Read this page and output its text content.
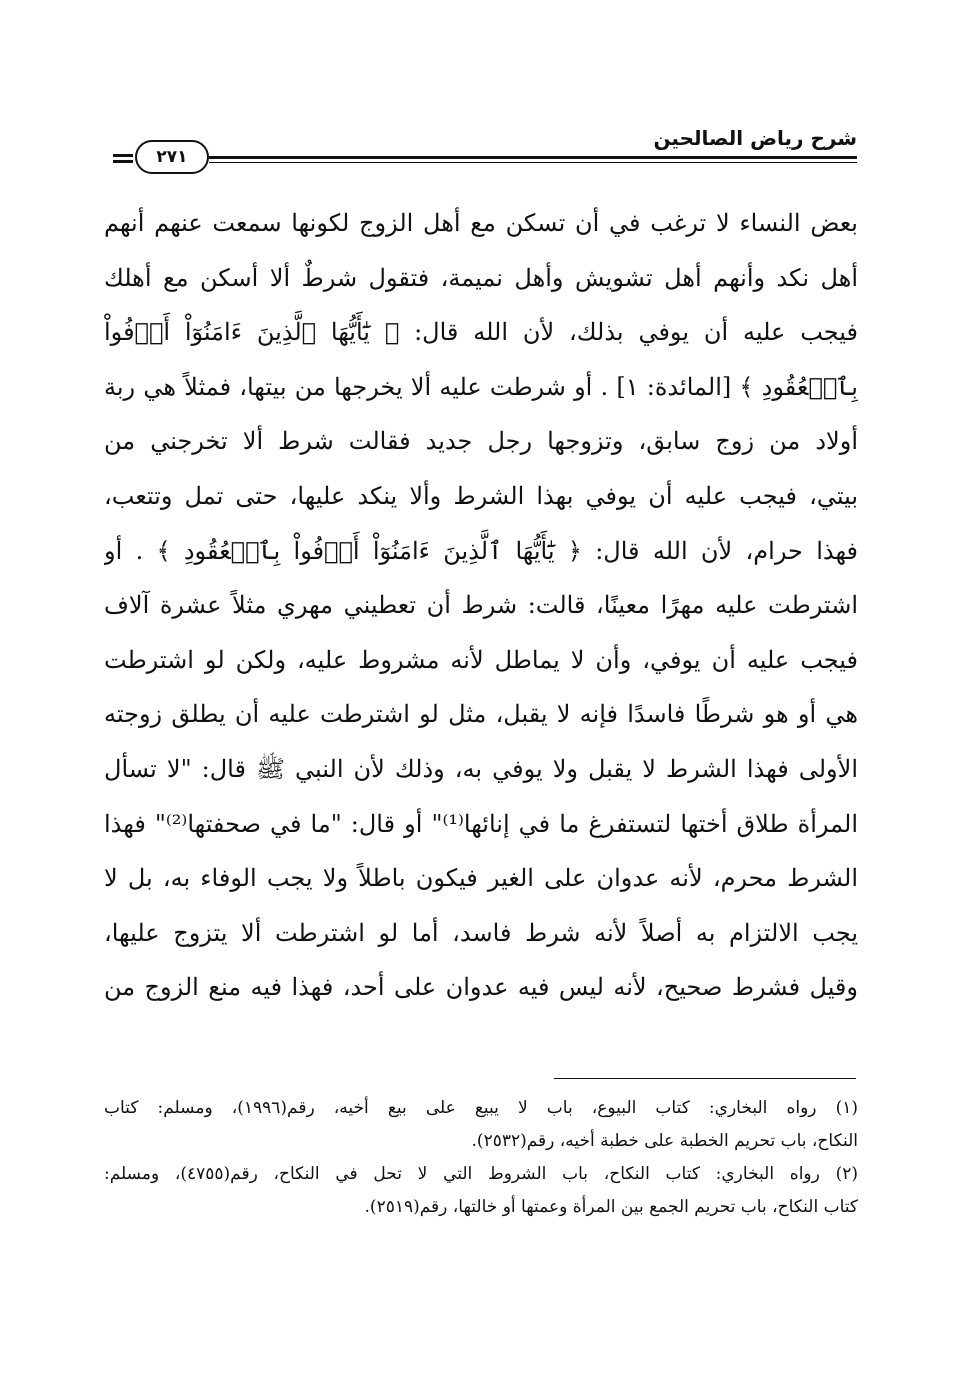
شرح رياض الصالحين
٢٧١
بعض النساء لا ترغب في أن تسكن مع أهل الزوج لكونها سمعت عنهم أنهم
أهل نكد وأنهم أهل تشويش وأهل نميمة، فتقول شرطٌ ألا أسكن مع أهلك
فيجب عليه أن يوفي بذلك، لأن الله قال: ﴿ يَٰٓأَيُّهَا ٱلَّذِينَ ءَامَنُوٓاْ أَوۡفُواْ
بِٱلۡعُقُودِ ﴾ [المائدة: ١] . أو شرطت عليه ألا يخرجها من بيتها، فمثلاً هي ربة
أولاد من زوج سابق، وتزوجها رجل جديد فقالت شرط ألا تخرجني من
بيتي، فيجب عليه أن يوفي بهذا الشرط وألا ينكد عليها، حتى تمل وتتعب،
فهذا حرام، لأن الله قال: ﴿ يَٰٓأَيُّهَا ٱلَّذِينَ ءَامَنُوٓاْ أَوۡفُواْ بِٱلۡعُقُودِ ﴾ . أو
اشترطت عليه مهرًا معينًا، قالت: شرط أن تعطيني مهري مثلاً عشرة آلاف
فيجب عليه أن يوفي، وأن لا يماطل لأنه مشروط عليه، ولكن لو اشترطت
هي أو هو شرطًا فاسدًا فإنه لا يقبل، مثل لو اشترطت عليه أن يطلق زوجته
الأولى فهذا الشرط لا يقبل ولا يوفي به، وذلك لأن النبي ﷺ قال: "لا تسأل
المرأة طلاق أختها لتستفرغ ما في إنائها⁽¹⁾" أو قال: "ما في صحفتها⁽²⁾" فهذا
الشرط محرم، لأنه عدوان على الغير فيكون باطلاً ولا يجب الوفاء به، بل لا
يجب الالتزام به أصلاً لأنه شرط فاسد، أما لو اشترطت ألا يتزوج عليها،
وقيل فشرط صحيح، لأنه ليس فيه عدوان على أحد، فهذا فيه منع الزوج من
(١) رواه البخاري: كتاب البيوع، باب لا يبيع على بيع أخيه، رقم(١٩٩٦)، ومسلم: كتاب
النكاح، باب تحريم الخطبة على خطبة أخيه، رقم(٢٥٣٢).
(٢) رواه البخاري: كتاب النكاح، باب الشروط التي لا تحل في النكاح، رقم(٤٧٥٥)، ومسلم:
كتاب النكاح، باب تحريم الجمع بين المرأة وعمتها أو خالتها، رقم(٢٥١٩).
